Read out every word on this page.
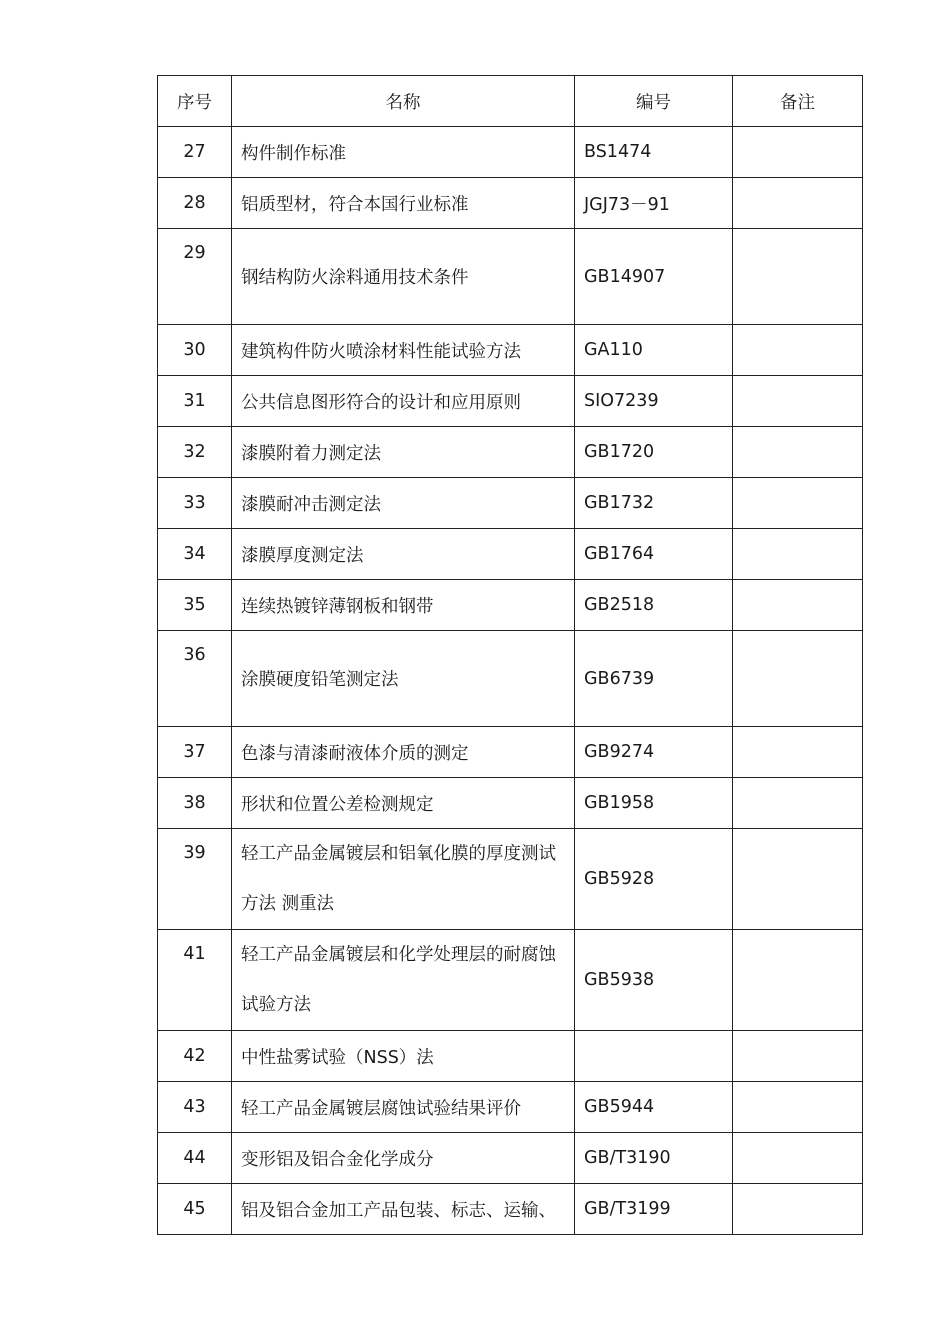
序号	名称	编号	备注
27	构件制作标准	BS1474	
28	铝质型材，符合本国行业标准	JGJ73－91	
29	钢结构防火涂料通用技术条件	GB14907	
30	建筑构件防火喷涂材料性能试验方法	GA110	
31	公共信息图形符合的设计和应用原则	SIO7239	
32	漆膜附着力测定法	GB1720	
33	漆膜耐冲击测定法	GB1732	
34	漆膜厚度测定法	GB1764	
35	连续热镀锌薄钢板和钢带	GB2518	
36	涂膜硬度铅笔测定法	GB6739	
37	色漆与清漆耐液体介质的测定	GB9274	
38	形状和位置公差检测规定	GB1958	
39	轻工产品金属镀层和铝氧化膜的厚度测试方法 测重法	GB5928	
41	轻工产品金属镀层和化学处理层的耐腐蚀试验方法	GB5938	
42	中性盐雾试验（NSS）法		
43	轻工产品金属镀层腐蚀试验结果评价	GB5944	
44	变形铝及铝合金化学成分	GB/T3190	
45	铝及铝合金加工产品包装、标志、运输、	GB/T3199	
